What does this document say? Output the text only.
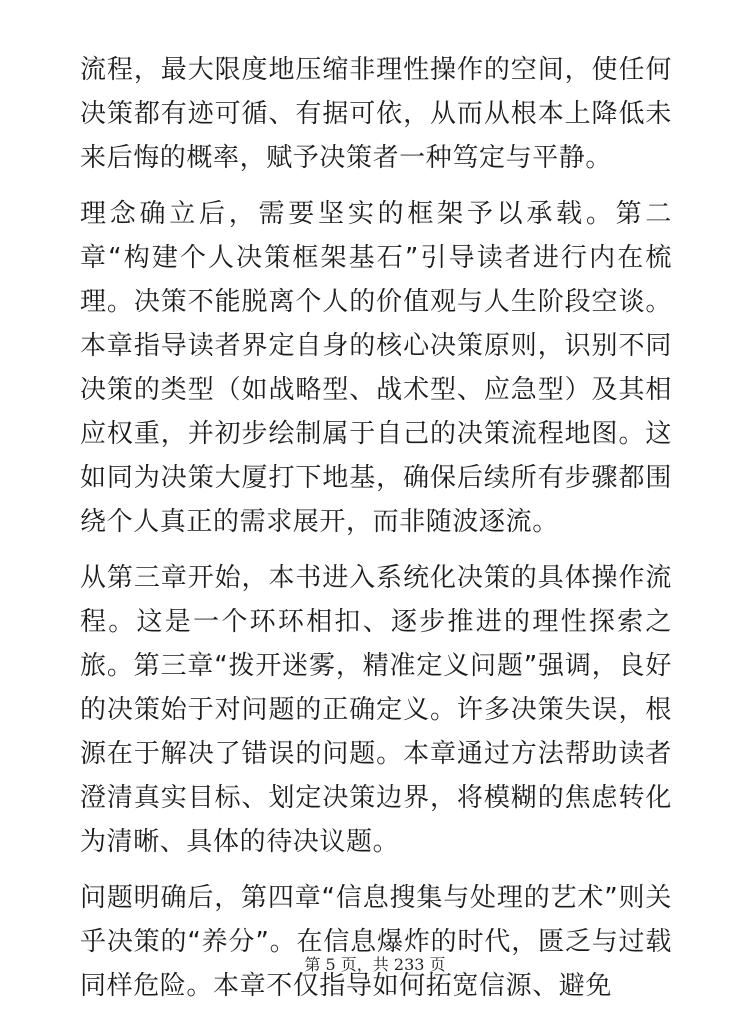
流程，最大限度地压缩非理性操作的空间，使任何决策都有迹可循、有据可依，从而从根本上降低未来后悔的概率，赋予决策者一种笃定与平静。

理念确立后，需要坚实的框架予以承载。第二章“构建个人决策框架基石”引导读者进行内在梳理。决策不能脱离个人的价值观与人生阶段空谈。本章指导读者界定自身的核心决策原则，识别不同决策的类型（如战略型、战术型、应急型）及其相应权重，并初步绘制属于自己的决策流程地图。这如同为决策大厦打下地基，确保后续所有步骤都围绕个人真正的需求展开，而非随波逐流。

从第三章开始，本书进入系统化决策的具体操作流程。这是一个环环相扣、逐步推进的理性探索之旅。第三章“拨开迷雾，精准定义问题”强调，良好的决策始于对问题的正确定义。许多决策失误，根源在于解决了错误的问题。本章通过方法帮助读者澄清真实目标、划定决策边界，将模糊的焦虑转化为清晰、具体的待决议题。

问题明确后，第四章“信息搜集与处理的艺术”则关乎决策的“养分”。在信息爆炸的时代，匮乏与过载同样危险。本章不仅指导如何拓宽信源、避免

第 5 页，共 233 页
